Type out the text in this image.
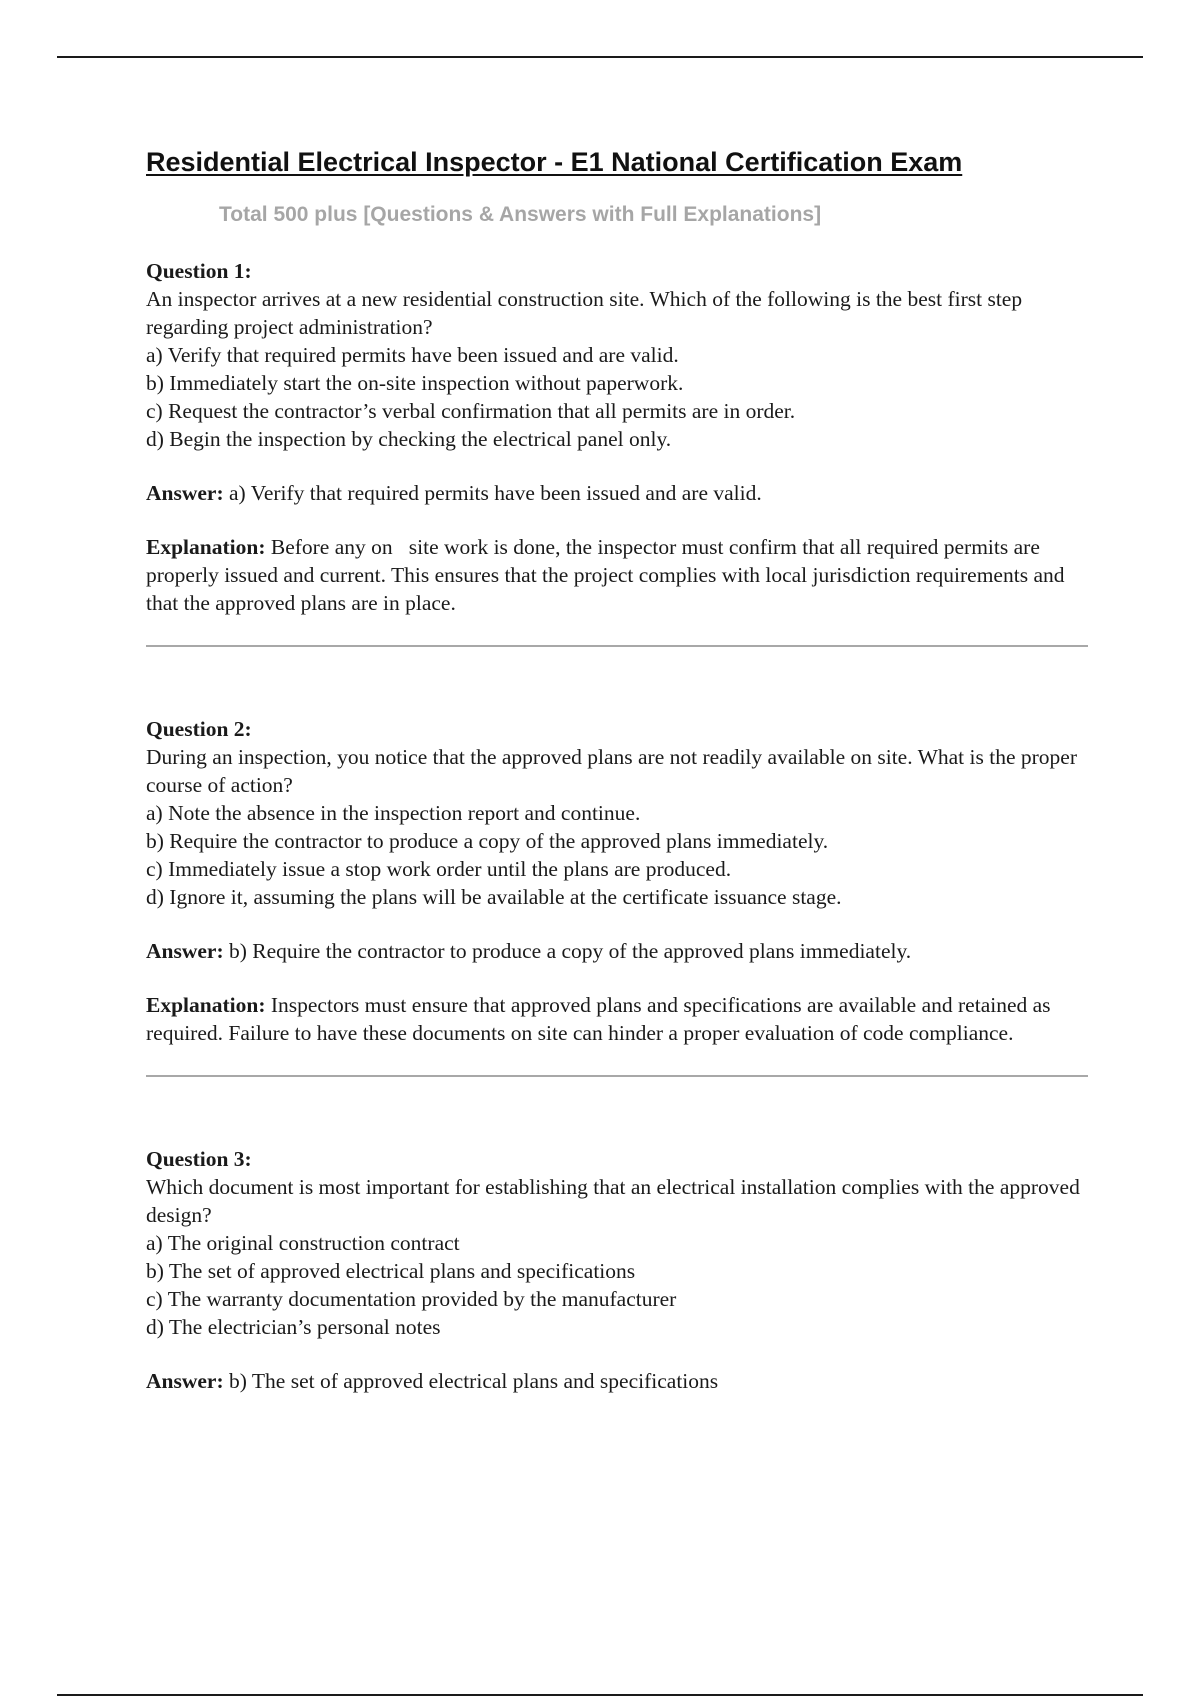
Residential Electrical Inspector - E1 National Certification Exam

Total 500 plus [Questions & Answers with Full Explanations]

Question 1:

An inspector arrives at a new residential construction site. Which of the following is the best first step regarding project administration?

a) Verify that required permits have been issued and are valid.

b) Immediately start the on-site inspection without paperwork.

c) Request the contractor’s verbal confirmation that all permits are in order.

d) Begin the inspection by checking the electrical panel only.

Answer: a) Verify that required permits have been issued and are valid.

Explanation: Before any on   site work is done, the inspector must confirm that all required permits are properly issued and current. This ensures that the project complies with local jurisdiction requirements and that the approved plans are in place.

Question 2:

During an inspection, you notice that the approved plans are not readily available on site. What is the proper course of action?

a) Note the absence in the inspection report and continue.

b) Require the contractor to produce a copy of the approved plans immediately.

c) Immediately issue a stop work order until the plans are produced.

d) Ignore it, assuming the plans will be available at the certificate issuance stage.

Answer: b) Require the contractor to produce a copy of the approved plans immediately.

Explanation: Inspectors must ensure that approved plans and specifications are available and retained as required. Failure to have these documents on site can hinder a proper evaluation of code compliance.

Question 3:

Which document is most important for establishing that an electrical installation complies with the approved design?

a) The original construction contract

b) The set of approved electrical plans and specifications

c) The warranty documentation provided by the manufacturer

d) The electrician’s personal notes

Answer: b) The set of approved electrical plans and specifications
